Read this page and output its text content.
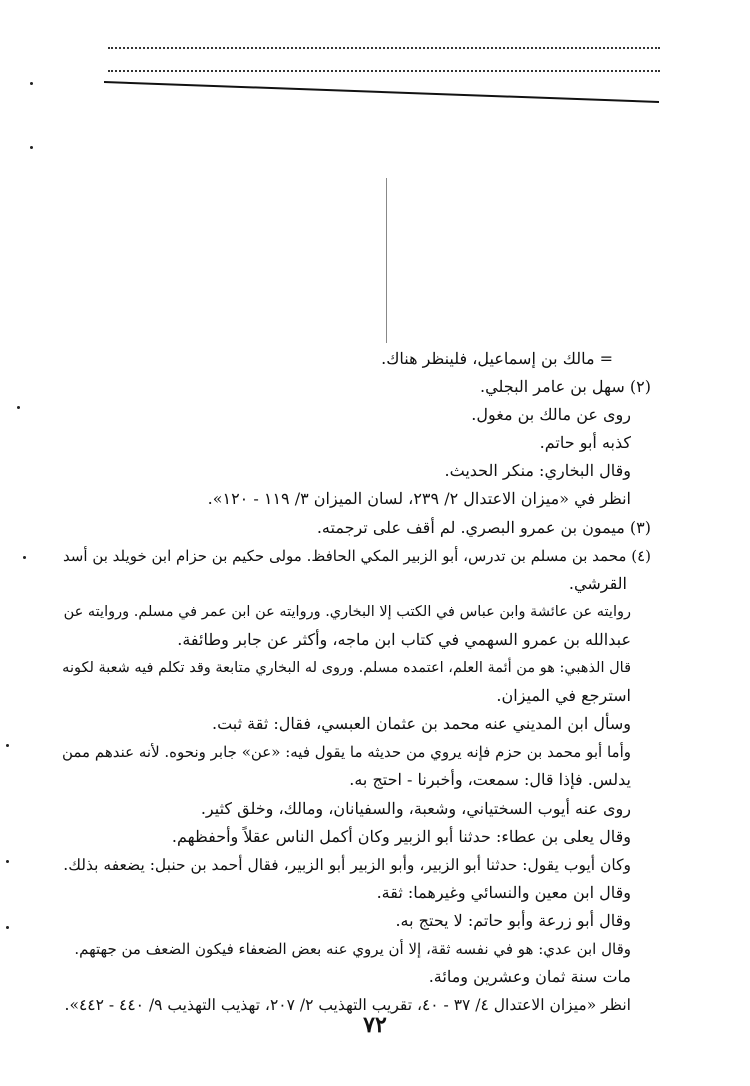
= مالك بن إسماعيل، فلينظر هناك.
(٢) سهل بن عامر البجلي.
روى عن مالك بن مغول.
كذبه أبو حاتم.
وقال البخاري: منكر الحديث.
انظر في «ميزان الاعتدال ٢/ ٢٣٩، لسان الميزان ٣/ ١١٩ - ١٢٠».
(٣) ميمون بن عمرو البصري. لم أقف على ترجمته.
(٤) محمد بن مسلم بن تدرس، أبو الزبير المكي الحافظ. مولى حكيم بن حزام ابن خويلد بن أسد
القرشي.
روايته عن عائشة وابن عباس في الكتب إلا البخاري. وروايته عن ابن عمر في مسلم. وروايته عن
عبدالله بن عمرو السهمي في كتاب ابن ماجه، وأكثر عن جابر وطائفة.
قال الذهبي: هو من أئمة العلم، اعتمده مسلم. وروى له البخاري متابعة وقد تكلم فيه شعبة لكونه
استرجع في الميزان.
وسأل ابن المديني عنه محمد بن عثمان العبسي، فقال: ثقة ثبت.
وأما أبو محمد بن حزم فإنه يروي من حديثه ما يقول فيه: «عن» جابر ونحوه. لأنه عندهم ممن
يدلس. فإذا قال: سمعت، وأخبرنا - احتج به.
روى عنه أيوب السختياني، وشعبة، والسفيانان، ومالك، وخلق كثير.
وقال يعلى بن عطاء: حدثنا أبو الزبير وكان أكمل الناس عقلاً وأحفظهم.
وكان أيوب يقول: حدثنا أبو الزبير، وأبو الزبير أبو الزبير، فقال أحمد بن حنبل: يضعفه بذلك.
وقال ابن معين والنسائي وغيرهما: ثقة.
وقال أبو زرعة وأبو حاتم: لا يحتج به.
وقال ابن عدي: هو في نفسه ثقة، إلا أن يروي عنه بعض الضعفاء فيكون الضعف من جهتهم.
مات سنة ثمان وعشرين ومائة.
انظر «ميزان الاعتدال ٤/ ٣٧ - ٤٠، تقريب التهذيب ٢/ ٢٠٧، تهذيب التهذيب ٩/ ٤٤٠ - ٤٤٢».
٧٢
